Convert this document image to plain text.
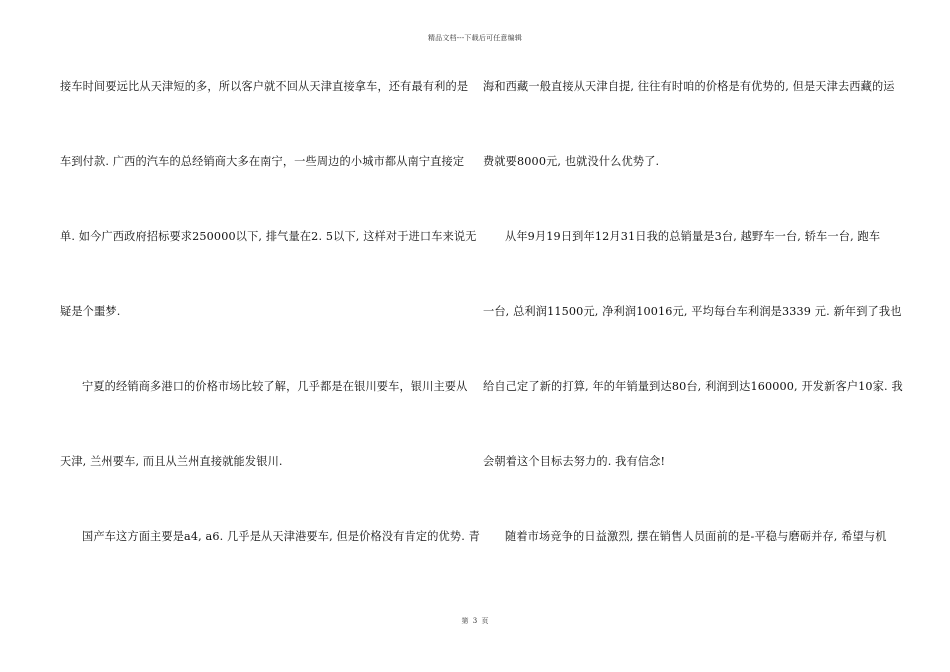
精品文档---下载后可任意编辑
接车时间要远比从天津短的多，所以客户就不回从天津直接拿车，还有最有利的是
车到付款. 广西的汽车的总经销商大多在南宁，一些周边的小城市都从南宁直接定
单. 如今广西政府招标要求250000以下, 排气量在2. 5以下, 这样对于进口车来说无
疑是个噩梦.
宁夏的经销商多港口的价格市场比较了解，几乎都是在银川要车，银川主要从
天津, 兰州要车, 而且从兰州直接就能发银川.
国产车这方面主要是a4, a6. 几乎是从天津港要车, 但是价格没有肯定的优势. 青
海和西藏一般直接从天津自提, 往往有时咱的价格是有优势的, 但是天津去西藏的运
费就要8000元, 也就没什么优势了.
从年9月19日到年12月31日我的总销量是3台, 越野车一台, 轿车一台, 跑车
一台, 总利润11500元, 净利润10016元, 平均每台车利润是3339 元. 新年到了我也
给自己定了新的打算, 年的年销量到达80台, 利润到达160000, 开发新客户10家. 我
会朝着这个目标去努力的. 我有信念!
随着市场竞争的日益激烈, 摆在销售人员面前的是-平稳与磨砺并存, 希望与机
第 3 页
